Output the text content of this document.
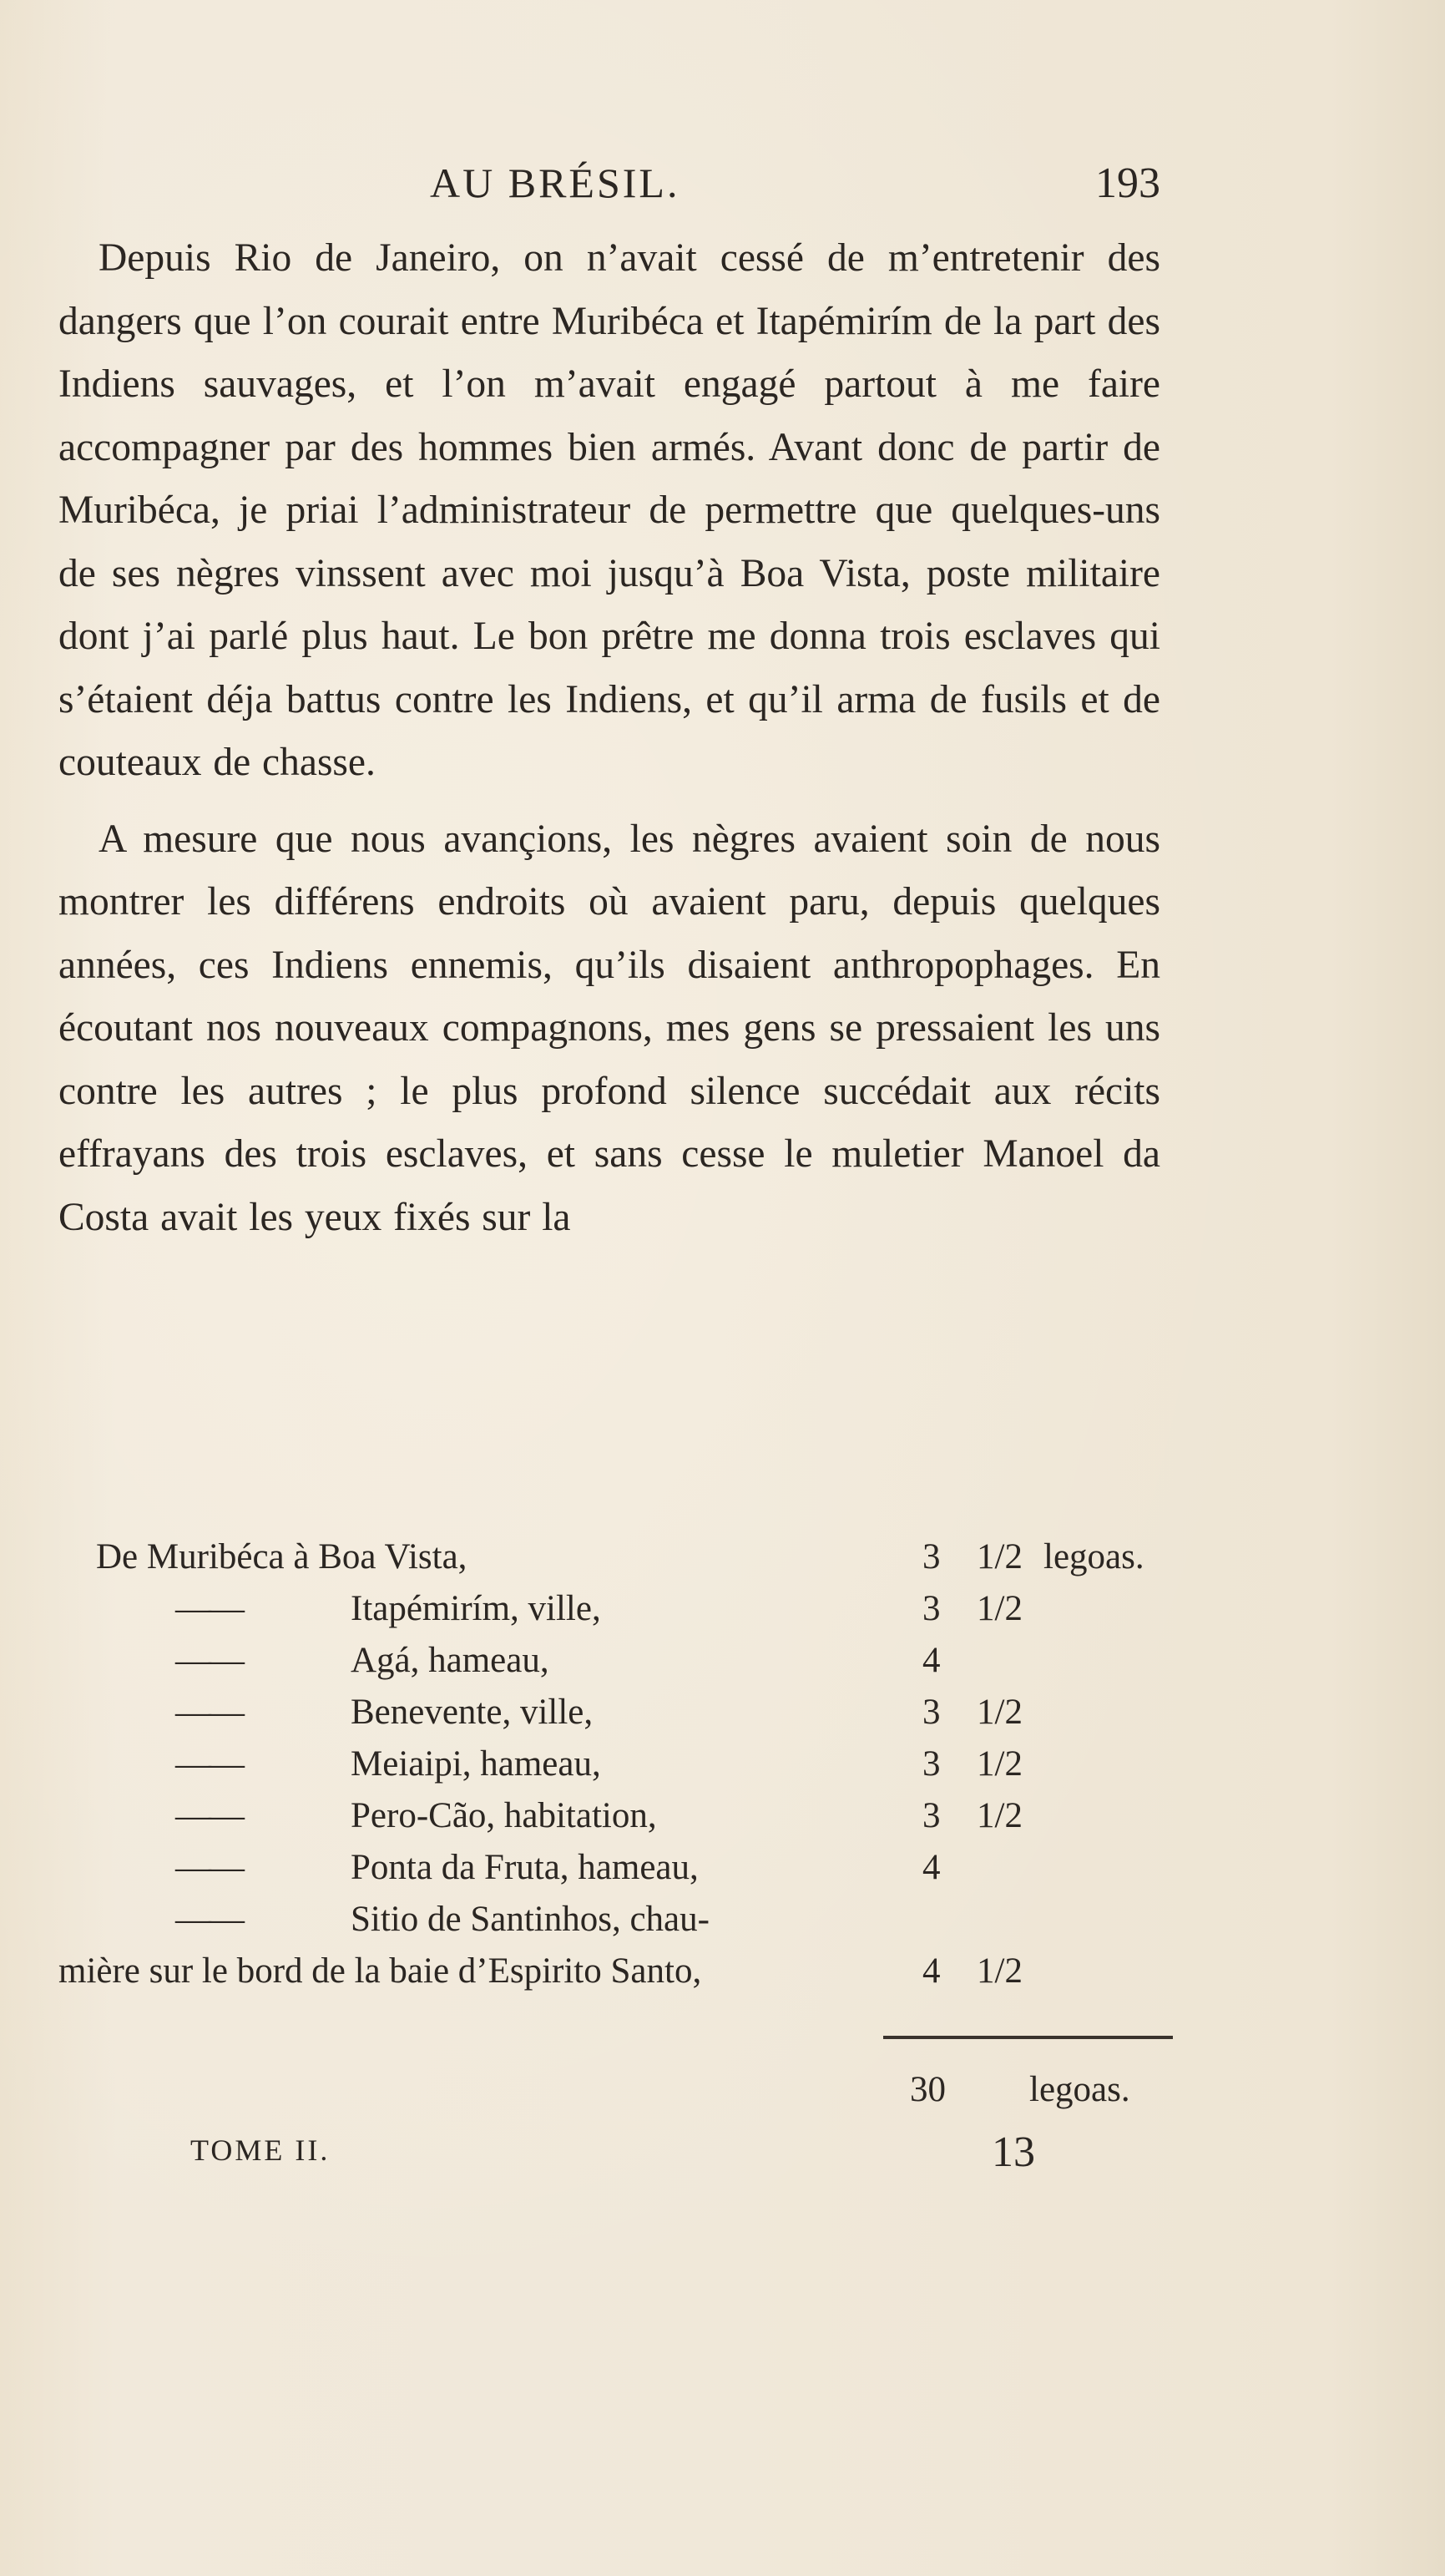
AU BRÉSIL.	193

Depuis Rio de Janeiro, on n’avait cessé de m’entretenir des dangers que l’on courait entre Muribéca et Itapémirím de la part des Indiens sauvages, et l’on m’avait engagé partout à me faire accompagner par des hommes bien armés. Avant donc de partir de Muribéca, je priai l’administrateur de permettre que quelques-uns de ses nègres vinssent avec moi jusqu’à Boa Vista, poste militaire dont j’ai parlé plus haut. Le bon prêtre me donna trois esclaves qui s’étaient déja battus contre les Indiens, et qu’il arma de fusils et de couteaux de chasse.

A mesure que nous avançions, les nègres avaient soin de nous montrer les différens endroits où avaient paru, depuis quelques années, ces Indiens ennemis, qu’ils disaient anthropophages. En écoutant nos nouveaux compagnons, mes gens se pressaient les uns contre les autres ; le plus profond silence succédait aux récits effrayans des trois esclaves, et sans cesse le muletier Manoel da Costa avait les yeux fixés sur la

De Muribéca à Boa Vista,	3 1/2 legoas.
——	Itapémirím, ville,	3 1/2
——	Agá, hameau,	4
——	Benevente, ville,	3 1/2
——	Meiaipi, hameau,	3 1/2
——	Pero-Cão, habitation,	3 1/2
——	Ponta da Fruta, hameau,	4
——	Sitio de Santinhos, chau-
mière sur le bord de la baie d’Espirito Santo,	4 1/2
30 legoas.
TOME II.	13
